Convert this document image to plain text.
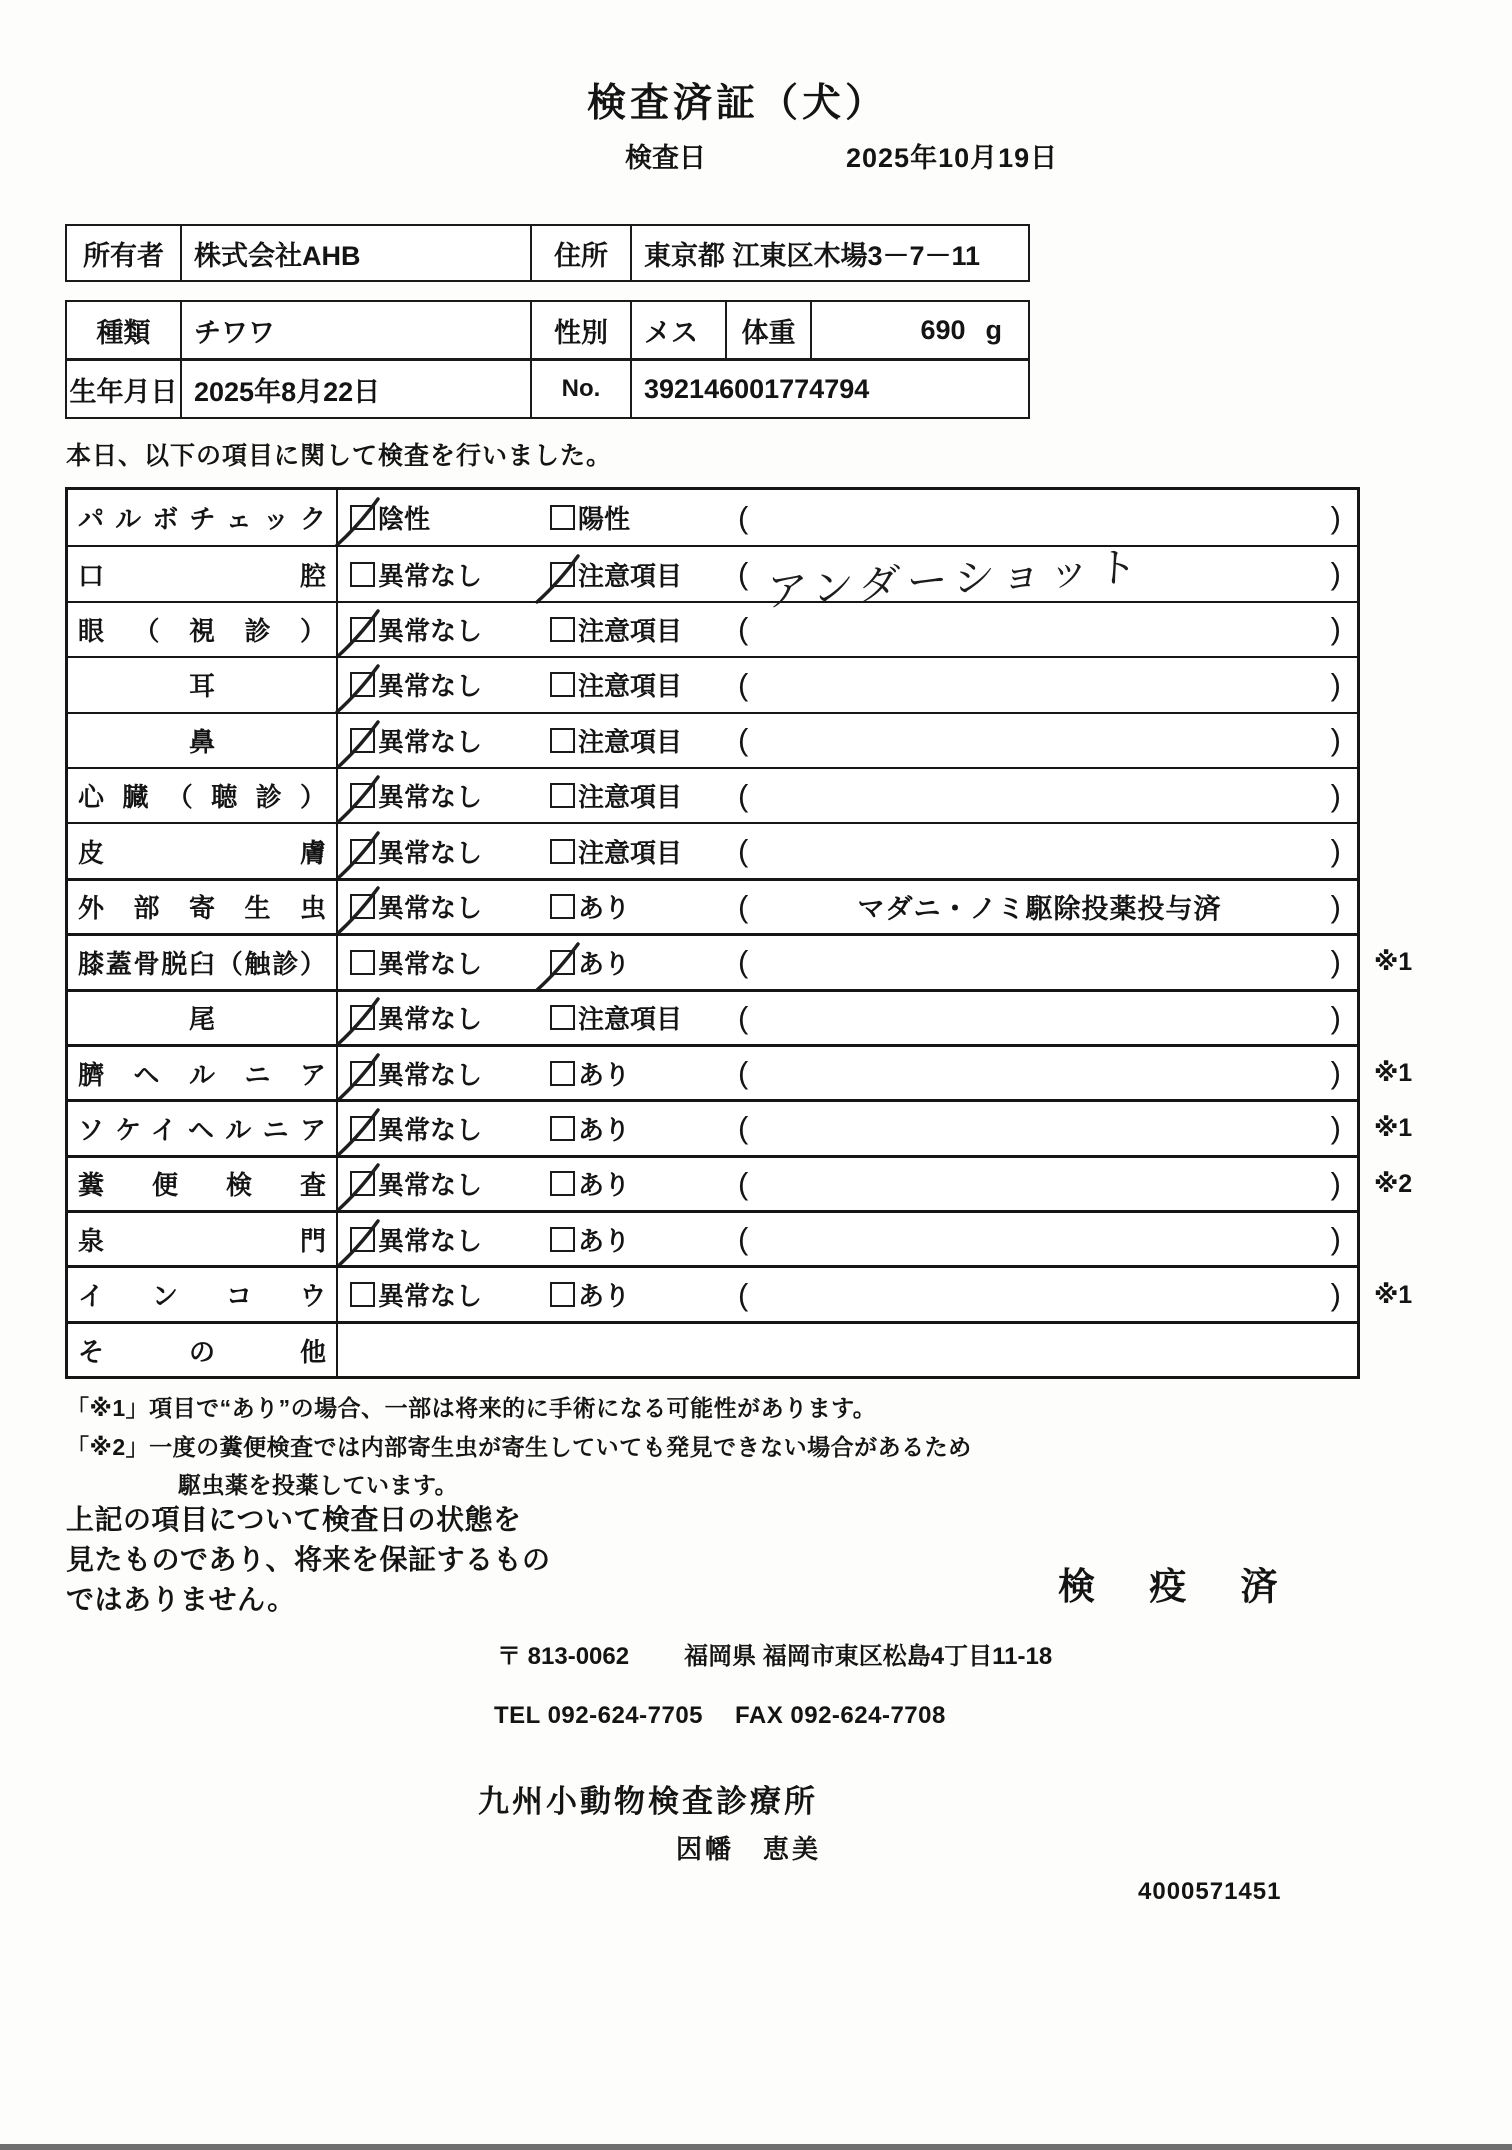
検査済証（犬）
検査日	2025年10月19日
所有者	株式会社AHB	住所	東京都 江東区木場3－7－11
種類	チワワ	性別	メス	体重	690 g
生年月日 2025年8月22日	No.	392146001774794
本日、以下の項目に関して検査を行いました。
パルボチェック 陰性	陽性	(	)
口腔 異常なし	注意項目 ( アンダーショット	)
眼（視診） 異常なし	注意項目 (	)
耳	異常なし	注意項目 (	)
鼻	異常なし	注意項目 (	)
心臓（聴診） 異常なし	注意項目 (	)
皮膚 異常なし	注意項目 (	)
外部寄生虫 異常なし	あり	(	マダニ・ノミ駆除投薬投与済	)
膝蓋骨脱臼（触診） 異常なし	あり	(	) ※1
尾	異常なし	注意項目 (	)
臍ヘルニア 異常なし	あり	(	) ※1
ソケイヘルニア 異常なし	あり	(	) ※1
糞便検査 異常なし	あり	(	) ※2
泉門 異常なし	あり	(	)
インコウ 異常なし	あり	(	) ※1
その他
「※1」項目で“あり”の場合、一部は将来的に手術になる可能性があります。
「※2」一度の糞便検査では内部寄生虫が寄生していても発見できない場合があるため
駆虫薬を投薬しています。
上記の項目について検査日の状態を
見たものであり、将来を保証するもの
ではありません。	検 疫 済
〒 813-0062 福岡県 福岡市東区松島4丁目11-18
TEL 092-624-7705 FAX 092-624-7708
九州小動物検査診療所
因幡　恵美
4000571451
